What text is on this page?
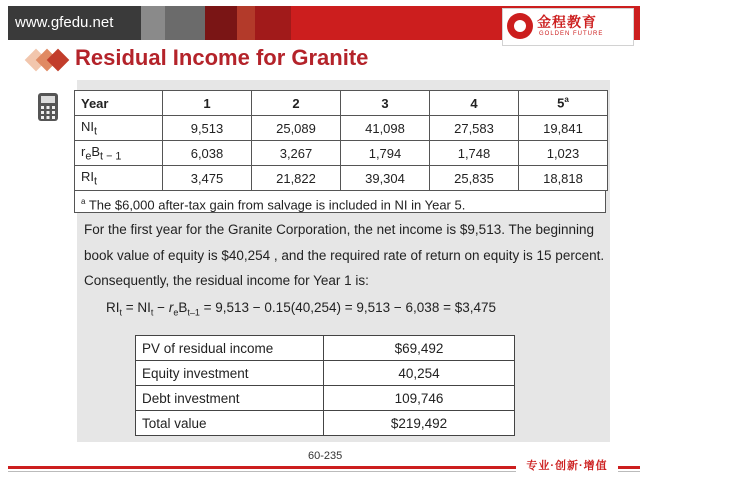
www.gfedu.net	金程教育
GOLDEN FUTURE
Residual Income for Granite
Year	1	2	3	4	5$^a$
$NI_t$	9,513	25,089	41,098	27,583	19,841
$r_eB_{t - 1}$	6,038	3,267	1,794	1,748	1,023
$RI_t$	3,475	21,822	39,304	25,835	18,818
$^a$ The $6,000 after-tax gain from salvage is included in NI in Year 5.
For the first year for the Granite Corporation, the net income is $9,513. The beginning book value of equity is $40,254 , and the required rate of return on equity is 15 percent. Consequently, the residual income for Year 1 is:
$RI_t = NI_t - r_eB_{t-1} = 9,513 - 0.15(40,254) = 9,513 - 6,038$ = $3,475
PV of residual income	$69,492
Equity investment	40,254
Debt investment	109,746
Total value	$219,492
60-235
专业·创新·增值
